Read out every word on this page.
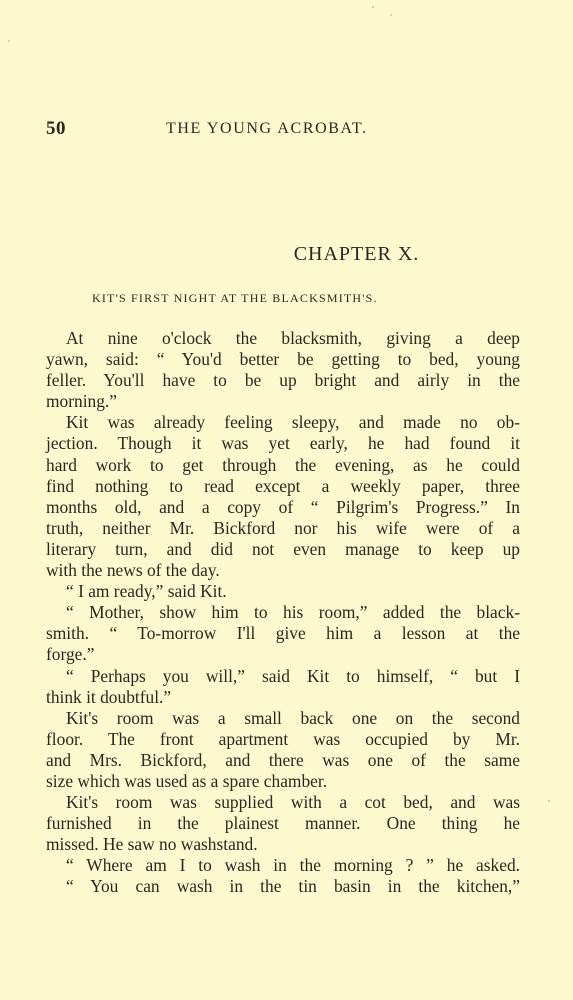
50	THE YOUNG ACROBAT.
CHAPTER X.
KIT'S FIRST NIGHT AT THE BLACKSMITH'S.
At nine o'clock the blacksmith, giving a deep
yawn, said: “ You'd better be getting to bed, young
feller. You'll have to be up bright and airly in the
morning.”
Kit was already feeling sleepy, and made no ob-
jection. Though it was yet early, he had found it
hard work to get through the evening, as he could
find nothing to read except a weekly paper, three
months old, and a copy of “ Pilgrim's Progress.” In
truth, neither Mr. Bickford nor his wife were of a
literary turn, and did not even manage to keep up
with the news of the day.
“ I am ready,” said Kit.
“ Mother, show him to his room,” added the black-
smith. “ To-morrow I'll give him a lesson at the
forge.”
“ Perhaps you will,” said Kit to himself, “ but I
think it doubtful.”
Kit's room was a small back one on the second
floor. The front apartment was occupied by Mr.
and Mrs. Bickford, and there was one of the same
size which was used as a spare chamber.
Kit's room was supplied with a cot bed, and was
furnished in the plainest manner. One thing he
missed. He saw no washstand.
“ Where am I to wash in the morning ? ” he asked.
“ You can wash in the tin basin in the kitchen,”
